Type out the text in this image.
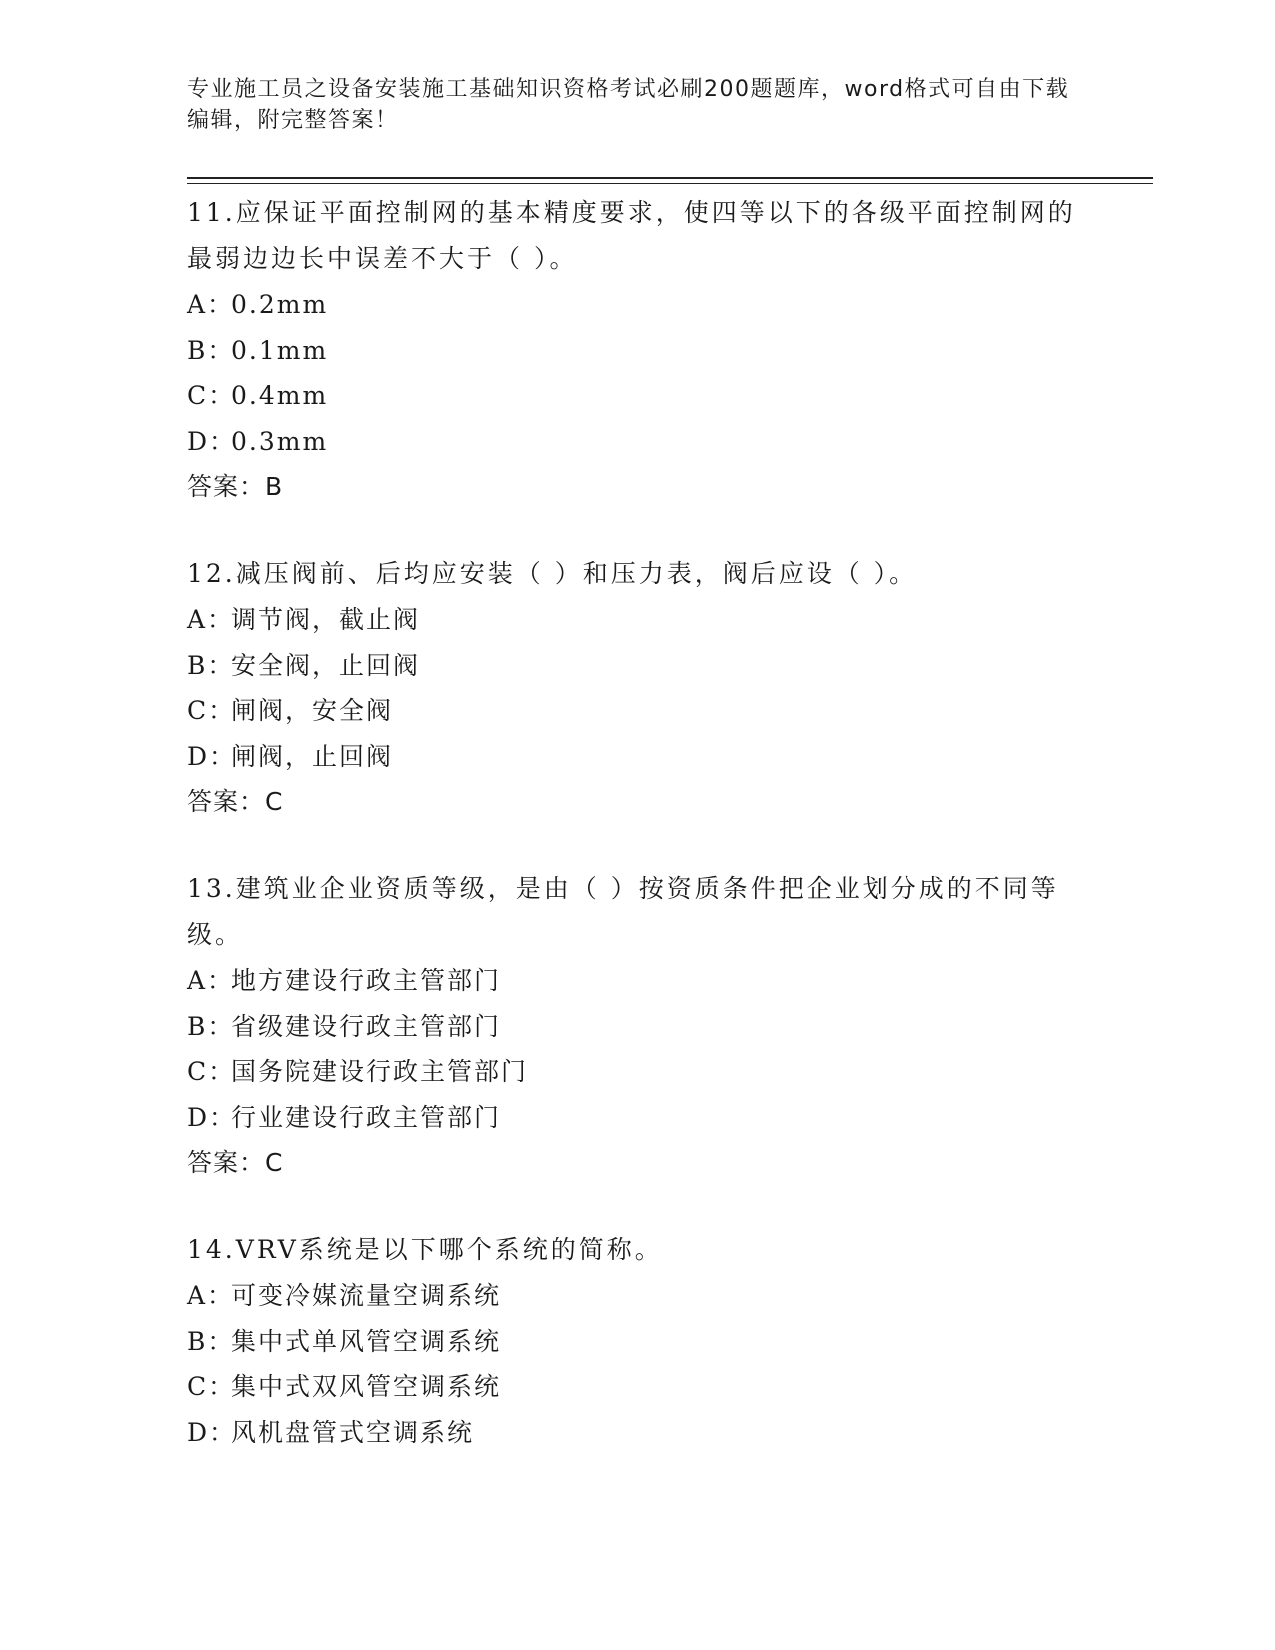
专业施工员之设备安装施工基础知识资格考试必刷200题题库，word格式可自由下载编辑，附完整答案！
11.应保证平面控制网的基本精度要求，使四等以下的各级平面控制网的最弱边边长中误差不大于（ ）。
A：0.2mm
B：0.1mm
C：0.4mm
D：0.3mm
答案：B
12.减压阀前、后均应安装（ ）和压力表，阀后应设（ ）。
A：调节阀，截止阀
B：安全阀，止回阀
C：闸阀，安全阀
D：闸阀，止回阀
答案：C
13.建筑业企业资质等级，是由（ ）按资质条件把企业划分成的不同等级。
A：地方建设行政主管部门
B：省级建设行政主管部门
C：国务院建设行政主管部门
D：行业建设行政主管部门
答案：C
14.VRV系统是以下哪个系统的简称。
A：可变冷媒流量空调系统
B：集中式单风管空调系统
C：集中式双风管空调系统
D：风机盘管式空调系统
